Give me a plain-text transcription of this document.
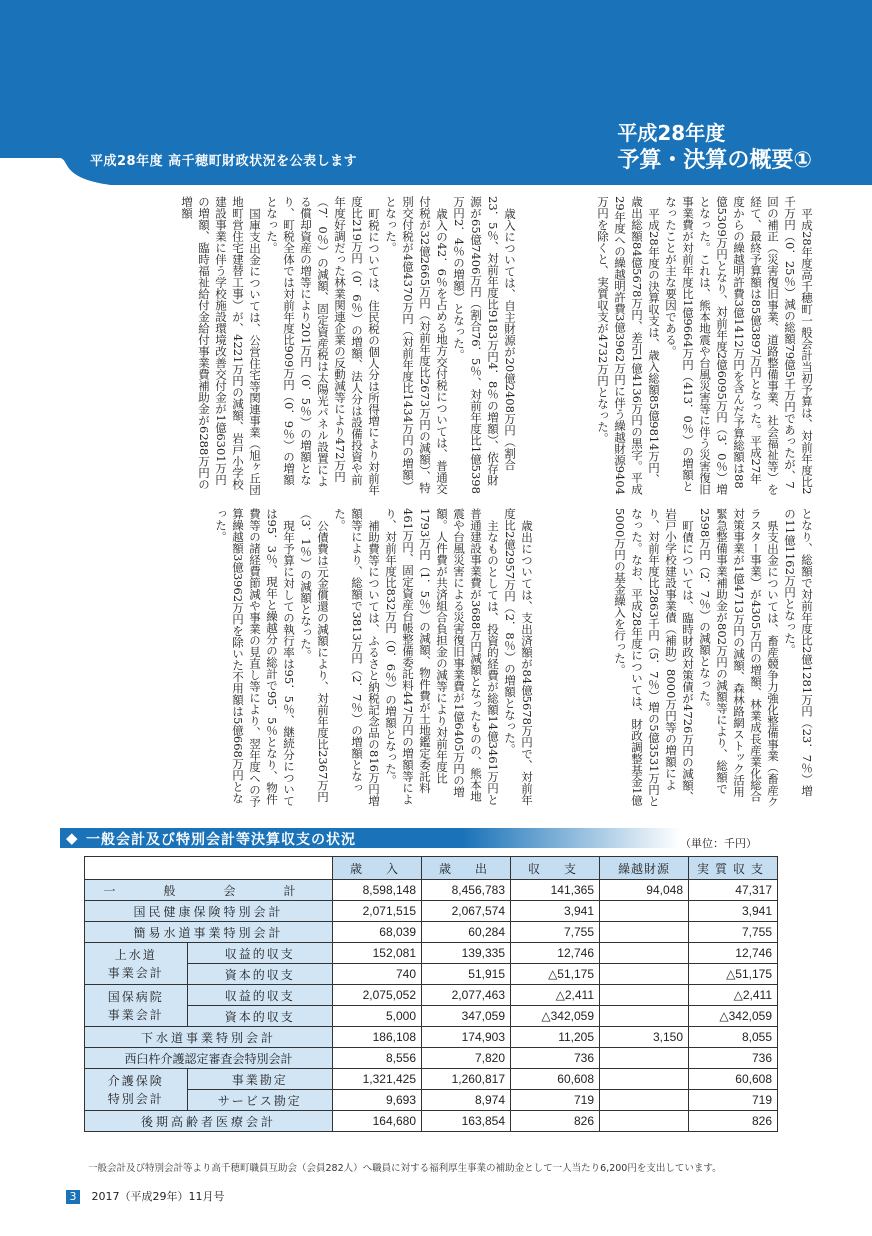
平成28年度 高千穂町財政状況を公表します
平成28年度
予算・決算の概要①

平成28年度高千穂町一般会計当初予算は、対前年度比2千万円（0．25％）減の総額79億5千万円であったが、7回の補正（災害復旧事業、道路整備事業、社会福祉等）を経て、最終予算額は85億3897万円となった。平成27年度からの繰越明許費3億1412万円を含んだ予算総額は88億5309万円となり、対前年度2億6095万円（3．0％）増となった。これは、熊本地震や台風災害等に伴う災害復旧事業費が対前年度比1億9664万円（413．0％）の増額となったことが主な要因である。

平成28年度の決算収支は、歳入総額85億9814万円、歳出総額84億5678万円、差引1億4136万円の黒字。平成29年度への繰越明許費3億3962万円に伴う繰越財源9404万円を除くと、実質収支が4732万円となった。

歳入については、自主財源が20億2408万円（割合23．5％、対前年度比9183万円4．8％の増額）、依存財源が65億7406万円（割合76．5％、対前年度比1億5398万円2．4％の増額）となった。

歳入の42．6％を占める地方交付税については、普通交付税が32億2665万円（対前年度比2673万円の減額）、特別交付税が4億4370万円（対前年度比1434万円の増額）となった。

町税については、住民税の個人分は所得増により対前年度比219万円（0．6％）の増額、法人分は設備投資や前年度好調だった林業関連企業の反動減等により472万円（7．0％）の減額、固定資産税は太陽光パネル設置による償却資産の増等により201万円（0．5％）の増額となり、町税全体では対前年度比909万円（0．9％）の増額となった。

国庫支出金については、公営住宅等関連事業（旭ヶ丘団地町営住宅建替工事）が、4221万円の減額、岩戸小学校建設事業に伴う学校施設環境改善交付金が1億6301万円の増額、臨時福祉給付金給付事業費補助金が6288万円の増額

となり、総額で対前年度比2億1281万円（23．7％）増の11億1162万円となった。

県支出金については、畜産競争力強化整備事業（畜産クラスター事業）が4305万円の増額、林業成長産業化総合対策事業が1億4713万円の減額、森林路網ストック活用緊急整備事業補助金が802万円の減額等により、総額で2598万円（2．7％）の減額となった。

町債については、臨時財政対策債が4726万円の減額、岩戸小学校建設事業債（補助）8000万円等の増額により、対前年度比2863千円（5．7％）増の5億3531万円となった。なお、平成28年度については、財政調整基金1億5000万円の基金繰入を行った。

歳出については、支出済額が84億5678万円で、対前年度比2億2957万円（2．8％）の増額となった。

主なものとしては、投資的経費が総額14億3461万円と普通建設事業費が3688万円減額となったものの、熊本地震や台風災害による災害復旧事業費が1億6405万円の増額。人件費が共済組合負担金の減等により対前年度比1793万円（1．5％）の減額、物件費が土地鑑定委託料461万円、固定資産台帳整備委託料447万円の増額等により、対前年度比832万円（0．6％）の増額となった。

補助費等については、ふるさと納税記念品の816万円増額等により、総額で3813万円（2．7％）の増額となった。

公債費は元金償還の減額により、対前年度比2367万円（3．1％）の減額となった。

現年予算に対しての執行率は95．5％、継続分については95．3％、現年と繰越分の総計で95．5％となり、物件費等の諸経費節減や事業の見直し等により、翌年度への予算繰越額3億3962万円を除いた不用額は5億668万円となった。

◆ 一般会計及び特別会計等決算収支の状況	（単位：千円）
		歳　入	歳　出	収　支	繰越財源	実質収支
一　般　会　計		8,598,148	8,456,783	141,365	94,048	47,317
国民健康保険特別会計		2,071,515	2,067,574	3,941		3,941
簡易水道事業特別会計		68,039	60,284	7,755		7,755
上水道
事業会計	収益的収支	152,081	139,335	12,746		12,746
	資本的収支	740	51,915	△51,175		△51,175
国保病院
事業会計	収益的収支	2,075,052	2,077,463	△2,411		△2,411
	資本的収支	5,000	347,059	△342,059		△342,059
下水道事業特別会計		186,108	174,903	11,205	3,150	8,055
西臼杵介護認定審査会特別会計		8,556	7,820	736		736
介護保険
特別会計	事業勘定	1,321,425	1,260,817	60,608		60,608
	サービス勘定	9,693	8,974	719		719
後期高齢者医療会計		164,680	163,854	826		826
一般会計及び特別会計等より高千穂町職員互助会（会員282人）へ職員に対する福利厚生事業の補助金として一人当たり6,200円を支出しています。
3 2017（平成29年）11月号
